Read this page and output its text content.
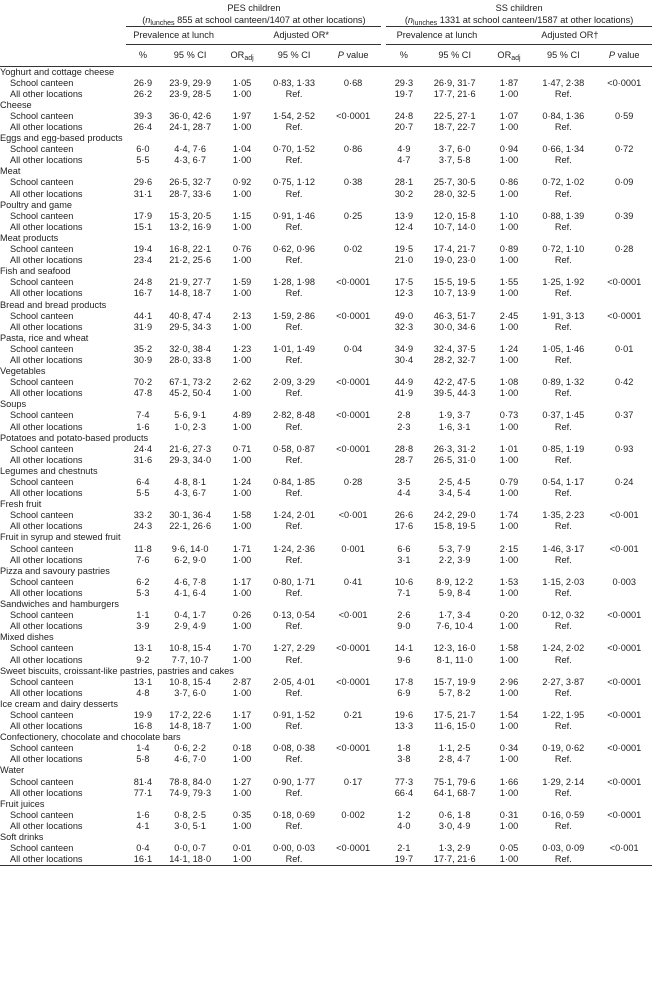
	PES children						SS children				
	($n_{lunches}$ 855 at school canteen/1407 at other locations)						($n_{lunches}$ 1331 at school canteen/1587 at other locations)				
	Prevalence at lunch		Adjusted OR*				Prevalence at lunch		Adjusted OR†		
	%	95 % CI	$OR_{adj}$	95 % CI	P value		%	95 % CI	$OR_{adj}$	95 % CI	P value
Yoghurt and cottage cheese											
School canteen	26·9	23·9, 29·9	1·05	0·83, 1·33	0·68		29·3	26·9, 31·7	1·87	1·47, 2·38	<0·0001
All other locations	26·2	23·9, 28·5	1·00	Ref.			19·7	17·7, 21·6	1·00	Ref.	
Cheese											
School canteen	39·3	36·0, 42·6	1·97	1·54, 2·52	<0·0001		24·8	22·5, 27·1	1·07	0·84, 1·36	0·59
All other locations	26·4	24·1, 28·7	1·00	Ref.			20·7	18·7, 22·7	1·00	Ref.	
Eggs and egg-based products											
School canteen	6·0	4·4, 7·6	1·04	0·70, 1·52	0·86		4·9	3·7, 6·0	0·94	0·66, 1·34	0·72
All other locations	5·5	4·3, 6·7	1·00	Ref.			4·7	3·7, 5·8	1·00	Ref.	
Meat											
School canteen	29·6	26·5, 32·7	0·92	0·75, 1·12	0·38		28·1	25·7, 30·5	0·86	0·72, 1·02	0·09
All other locations	31·1	28·7, 33·6	1·00	Ref.			30·2	28·0, 32·5	1·00	Ref.	
Poultry and game											
School canteen	17·9	15·3, 20·5	1·15	0·91, 1·46	0·25		13·9	12·0, 15·8	1·10	0·88, 1·39	0·39
All other locations	15·1	13·2, 16·9	1·00	Ref.			12·4	10·7, 14·0	1·00	Ref.	
Meat products											
School canteen	19·4	16·8, 22·1	0·76	0·62, 0·96	0·02		19·5	17·4, 21·7	0·89	0·72, 1·10	0·28
All other locations	23·4	21·2, 25·6	1·00	Ref.			21·0	19·0, 23·0	1·00	Ref.	
Fish and seafood											
School canteen	24·8	21·9, 27·7	1·59	1·28, 1·98	<0·0001		17·5	15·5, 19·5	1·55	1·25, 1·92	<0·0001
All other locations	16·7	14·8, 18·7	1·00	Ref.			12·3	10·7, 13·9	1·00	Ref.	
Bread and bread products											
School canteen	44·1	40·8, 47·4	2·13	1·59, 2·86	<0·0001		49·0	46·3, 51·7	2·45	1·91, 3·13	<0·0001
All other locations	31·9	29·5, 34·3	1·00	Ref.			32·3	30·0, 34·6	1·00	Ref.	
Pasta, rice and wheat											
School canteen	35·2	32·0, 38·4	1·23	1·01, 1·49	0·04		34·9	32·4, 37·5	1·24	1·05, 1·46	0·01
All other locations	30·9	28·0, 33·8	1·00	Ref.			30·4	28·2, 32·7	1·00	Ref.	
Vegetables											
School canteen	70·2	67·1, 73·2	2·62	2·09, 3·29	<0·0001		44·9	42·2, 47·5	1·08	0·89, 1·32	0·42
All other locations	47·8	45·2, 50·4	1·00	Ref.			41·9	39·5, 44·3	1·00	Ref.	
Soups											
School canteen	7·4	5·6, 9·1	4·89	2·82, 8·48	<0·0001		2·8	1·9, 3·7	0·73	0·37, 1·45	0·37
All other locations	1·6	1·0, 2·3	1·00	Ref.			2·3	1·6, 3·1	1·00	Ref.	
Potatoes and potato-based products											
School canteen	24·4	21·6, 27·3	0·71	0·58, 0·87	<0·0001		28·8	26·3, 31·2	1·01	0·85, 1·19	0·93
All other locations	31·6	29·3, 34·0	1·00	Ref.			28·7	26·5, 31·0	1·00	Ref.	
Legumes and chestnuts											
School canteen	6·4	4·8, 8·1	1·24	0·84, 1·85	0·28		3·5	2·5, 4·5	0·79	0·54, 1·17	0·24
All other locations	5·5	4·3, 6·7	1·00	Ref.			4·4	3·4, 5·4	1·00	Ref.	
Fresh fruit											
School canteen	33·2	30·1, 36·4	1·58	1·24, 2·01	<0·001		26·6	24·2, 29·0	1·74	1·35, 2·23	<0·001
All other locations	24·3	22·1, 26·6	1·00	Ref.			17·6	15·8, 19·5	1·00	Ref.	
Fruit in syrup and stewed fruit											
School canteen	11·8	9·6, 14·0	1·71	1·24, 2·36	0·001		6·6	5·3, 7·9	2·15	1·46, 3·17	<0·001
All other locations	7·6	6·2, 9·0	1·00	Ref.			3·1	2·2, 3·9	1·00	Ref.	
Pizza and savoury pastries											
School canteen	6·2	4·6, 7·8	1·17	0·80, 1·71	0·41		10·6	8·9, 12·2	1·53	1·15, 2·03	0·003
All other locations	5·3	4·1, 6·4	1·00	Ref.			7·1	5·9, 8·4	1·00	Ref.	
Sandwiches and hamburgers											
School canteen	1·1	0·4, 1·7	0·26	0·13, 0·54	<0·001		2·6	1·7, 3·4	0·20	0·12, 0·32	<0·0001
All other locations	3·9	2·9, 4·9	1·00	Ref.			9·0	7·6, 10·4	1·00	Ref.	
Mixed dishes											
School canteen	13·1	10·8, 15·4	1·70	1·27, 2·29	<0·0001		14·1	12·3, 16·0	1·58	1·24, 2·02	<0·0001
All other locations	9·2	7·7, 10·7	1·00	Ref.			9·6	8·1, 11·0	1·00	Ref.	
Sweet biscuits, croissant-like pastries, pastries and cakes											
School canteen	13·1	10·8, 15·4	2·87	2·05, 4·01	<0·0001		17·8	15·7, 19·9	2·96	2·27, 3·87	<0·0001
All other locations	4·8	3·7, 6·0	1·00	Ref.			6·9	5·7, 8·2	1·00	Ref.	
Ice cream and dairy desserts											
School canteen	19·9	17·2, 22·6	1·17	0·91, 1·52	0·21		19·6	17·5, 21·7	1·54	1·22, 1·95	<0·0001
All other locations	16·8	14·8, 18·7	1·00	Ref.			13·3	11·6, 15·0	1·00	Ref.	
Confectionery, chocolate and chocolate bars											
School canteen	1·4	0·6, 2·2	0·18	0·08, 0·38	<0·0001		1·8	1·1, 2·5	0·34	0·19, 0·62	<0·0001
All other locations	5·8	4·6, 7·0	1·00	Ref.			3·8	2·8, 4·7	1·00	Ref.	
Water											
School canteen	81·4	78·8, 84·0	1·27	0·90, 1·77	0·17		77·3	75·1, 79·6	1·66	1·29, 2·14	<0·0001
All other locations	77·1	74·9, 79·3	1·00	Ref.			66·4	64·1, 68·7	1·00	Ref.	
Fruit juices											
School canteen	1·6	0·8, 2·5	0·35	0·18, 0·69	0·002		1·2	0·6, 1·8	0·31	0·16, 0·59	<0·0001
All other locations	4·1	3·0, 5·1	1·00	Ref.			4·0	3·0, 4·9	1·00	Ref.	
Soft drinks											
School canteen	0·4	0·0, 0·7	0·01	0·00, 0·03	<0·0001		2·1	1·3, 2·9	0·05	0·03, 0·09	<0·001
All other locations	16·1	14·1, 18·0	1·00	Ref.			19·7	17·7, 21·6	1·00	Ref.	
